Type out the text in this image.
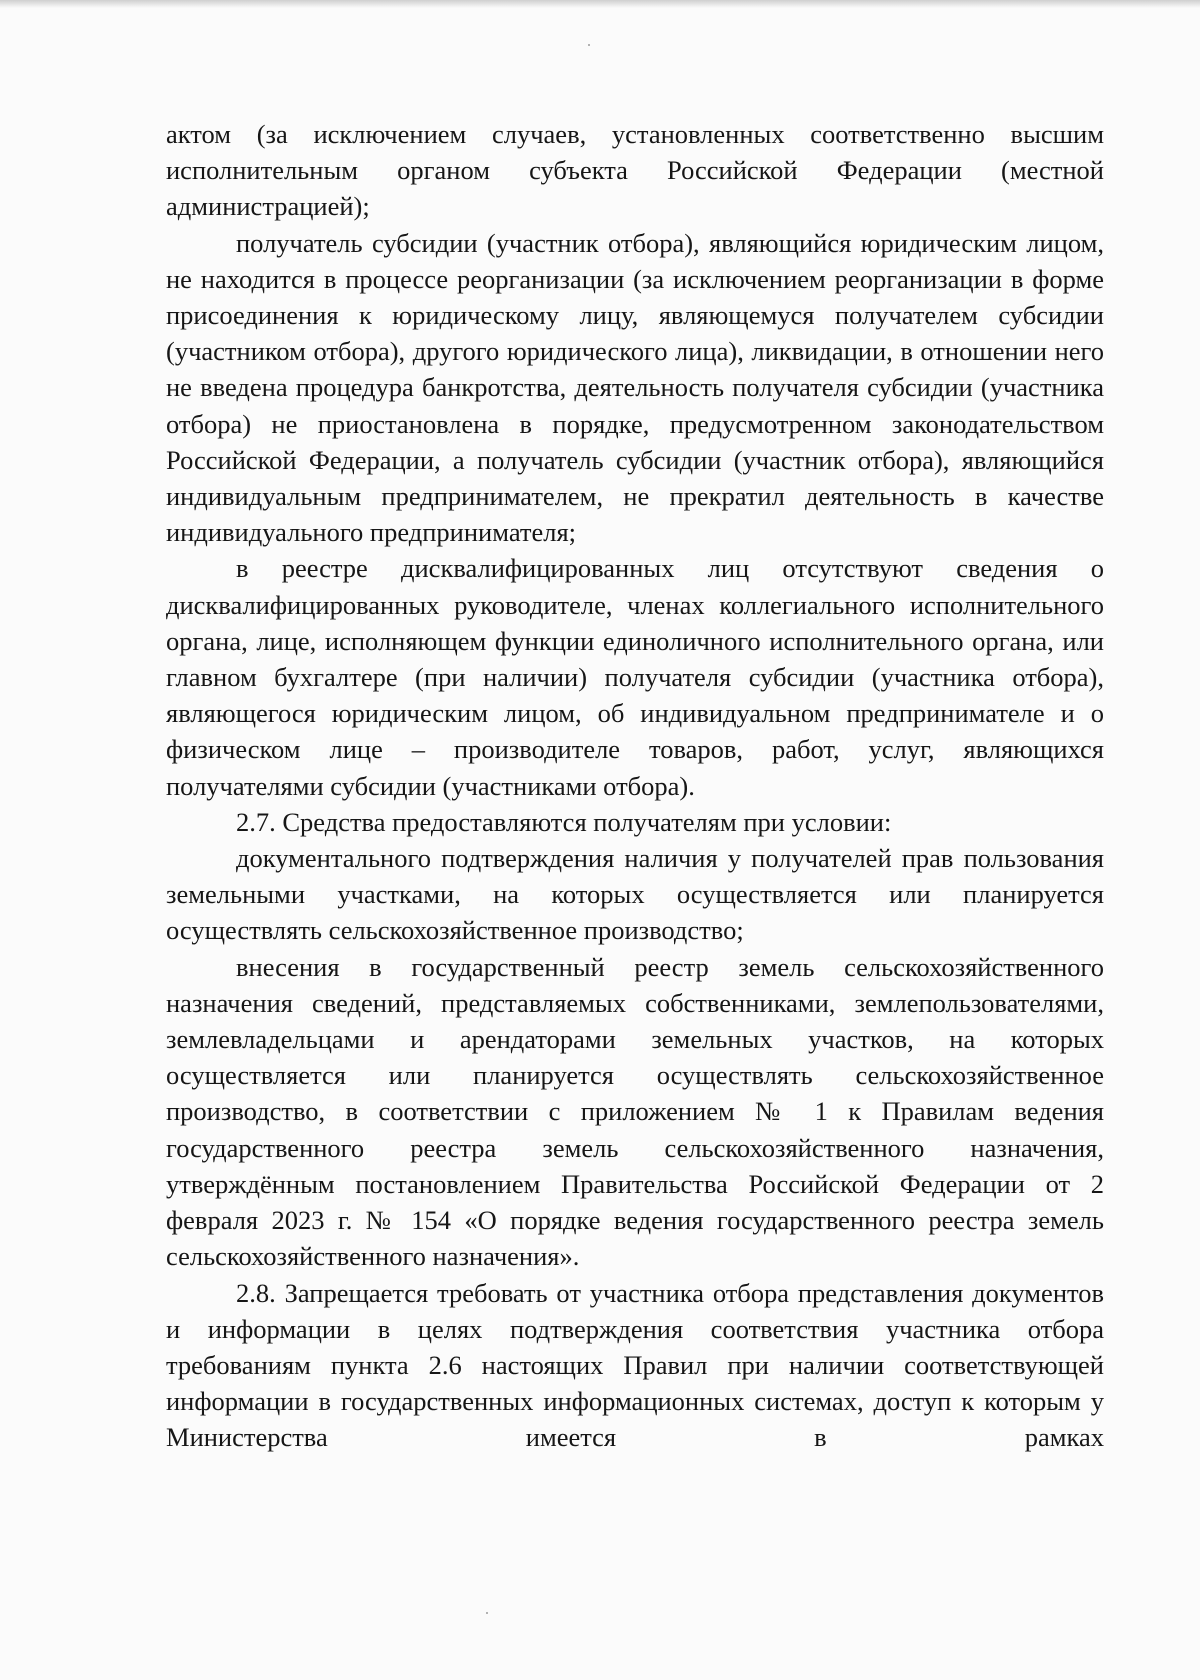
актом (за исключением случаев, установленных соответственно высшим исполнительным органом субъекта Российской Федерации (местной администрацией);

получатель субсидии (участник отбора), являющийся юридическим лицом, не находится в процессе реорганизации (за исключением реорганизации в форме присоединения к юридическому лицу, являющемуся получателем субсидии (участником отбора), другого юридического лица), ликвидации, в отношении него не введена процедура банкротства, деятельность получателя субсидии (участника отбора) не приостановлена в порядке, предусмотренном законодательством Российской Федерации, а получатель субсидии (участник отбора), являющийся индивидуальным предпринимателем, не прекратил деятельность в качестве индивидуального предпринимателя;

в реестре дисквалифицированных лиц отсутствуют сведения о дисквалифицированных руководителе, членах коллегиального исполнительного органа, лице, исполняющем функции единоличного исполнительного органа, или главном бухгалтере (при наличии) получателя субсидии (участника отбора), являющегося юридическим лицом, об индивидуальном предпринимателе и о физическом лице – производителе товаров, работ, услуг, являющихся получателями субсидии (участниками отбора).

2.7. Средства предоставляются получателям при условии:

документального подтверждения наличия у получателей прав пользования земельными участками, на которых осуществляется или планируется осуществлять сельскохозяйственное производство;

внесения в государственный реестр земель сельскохозяйственного назначения сведений, представляемых собственниками, землепользователями, землевладельцами и арендаторами земельных участков, на которых осуществляется или планируется осуществлять сельскохозяйственное производство, в соответствии с приложением № 1 к Правилам ведения государственного реестра земель сельскохозяйственного назначения, утверждённым постановлением Правительства Российской Федерации от 2 февраля 2023 г. № 154 «О порядке ведения государственного реестра земель сельскохозяйственного назначения».

2.8. Запрещается требовать от участника отбора представления документов и информации в целях подтверждения соответствия участника отбора требованиям пункта 2.6 настоящих Правил при наличии соответствующей информации в государственных информационных системах, доступ к которым у Министерства имеется в рамках
